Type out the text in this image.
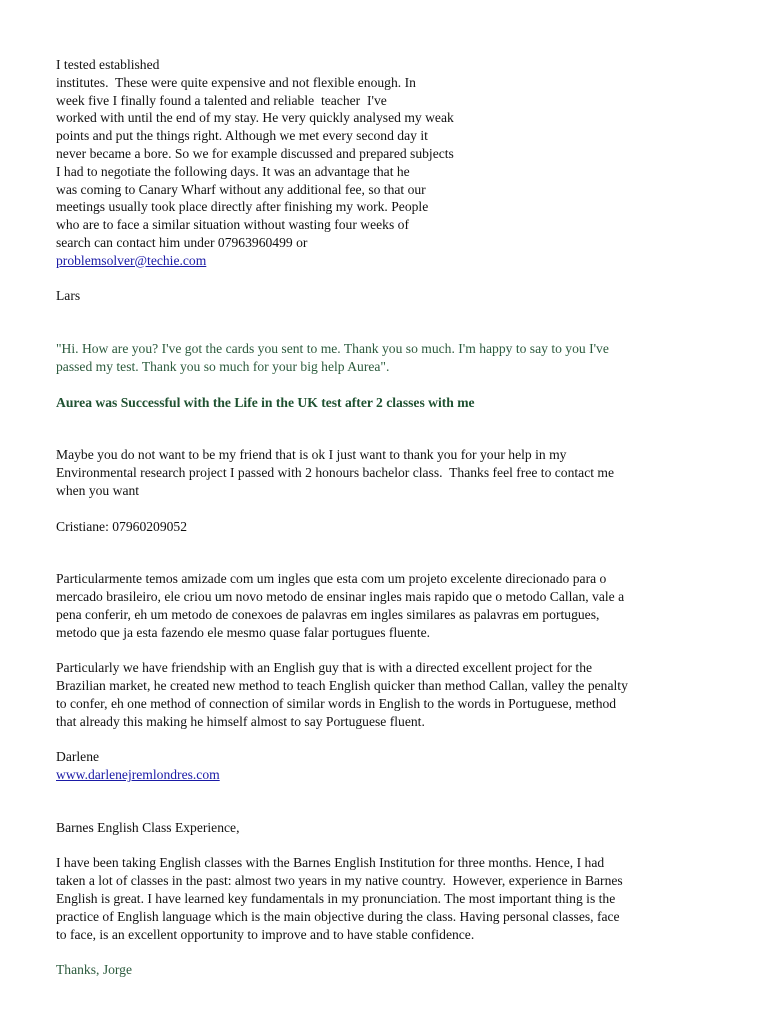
I tested established
institutes.  These were quite expensive and not flexible enough. In
week five I finally found a talented and reliable  teacher  I've
worked with until the end of my stay. He very quickly analysed my weak
points and put the things right. Although we met every second day it
never became a bore. So we for example discussed and prepared subjects
I had to negotiate the following days. It was an advantage that he
was coming to Canary Wharf without any additional fee, so that our
meetings usually took place directly after finishing my work. People
who are to face a similar situation without wasting four weeks of
search can contact him under 07963960499 or
problemsolver@techie.com
Lars
"Hi. How are you? I've got the cards you sent to me. Thank you so much. I'm happy to say to you I've
passed my test. Thank you so much for your big help Aurea".
Aurea was Successful with the Life in the UK test after 2 classes with me
Maybe you do not want to be my friend that is ok I just want to thank you for your help in my
Environmental research project I passed with 2 honours bachelor class.  Thanks feel free to contact me
when you want
Cristiane: 07960209052
Particularmente temos amizade com um ingles que esta com um projeto excelente direcionado para o
mercado brasileiro, ele criou um novo metodo de ensinar ingles mais rapido que o metodo Callan, vale a
pena conferir, eh um metodo de conexoes de palavras em ingles similares as palavras em portugues,
metodo que ja esta fazendo ele mesmo quase falar portugues fluente.
Particularly we have friendship with an English guy that is with a directed excellent project for the
Brazilian market, he created new method to teach English quicker than method Callan, valley the penalty
to confer, eh one method of connection of similar words in English to the words in Portuguese, method
that already this making he himself almost to say Portuguese fluent.
Darlene
www.darlenejremlondres.com
Barnes English Class Experience,
I have been taking English classes with the Barnes English Institution for three months. Hence, I had
taken a lot of classes in the past: almost two years in my native country.  However, experience in Barnes
English is great. I have learned key fundamentals in my pronunciation. The most important thing is the
practice of English language which is the main objective during the class. Having personal classes, face
to face, is an excellent opportunity to improve and to have stable confidence.
Thanks, Jorge
